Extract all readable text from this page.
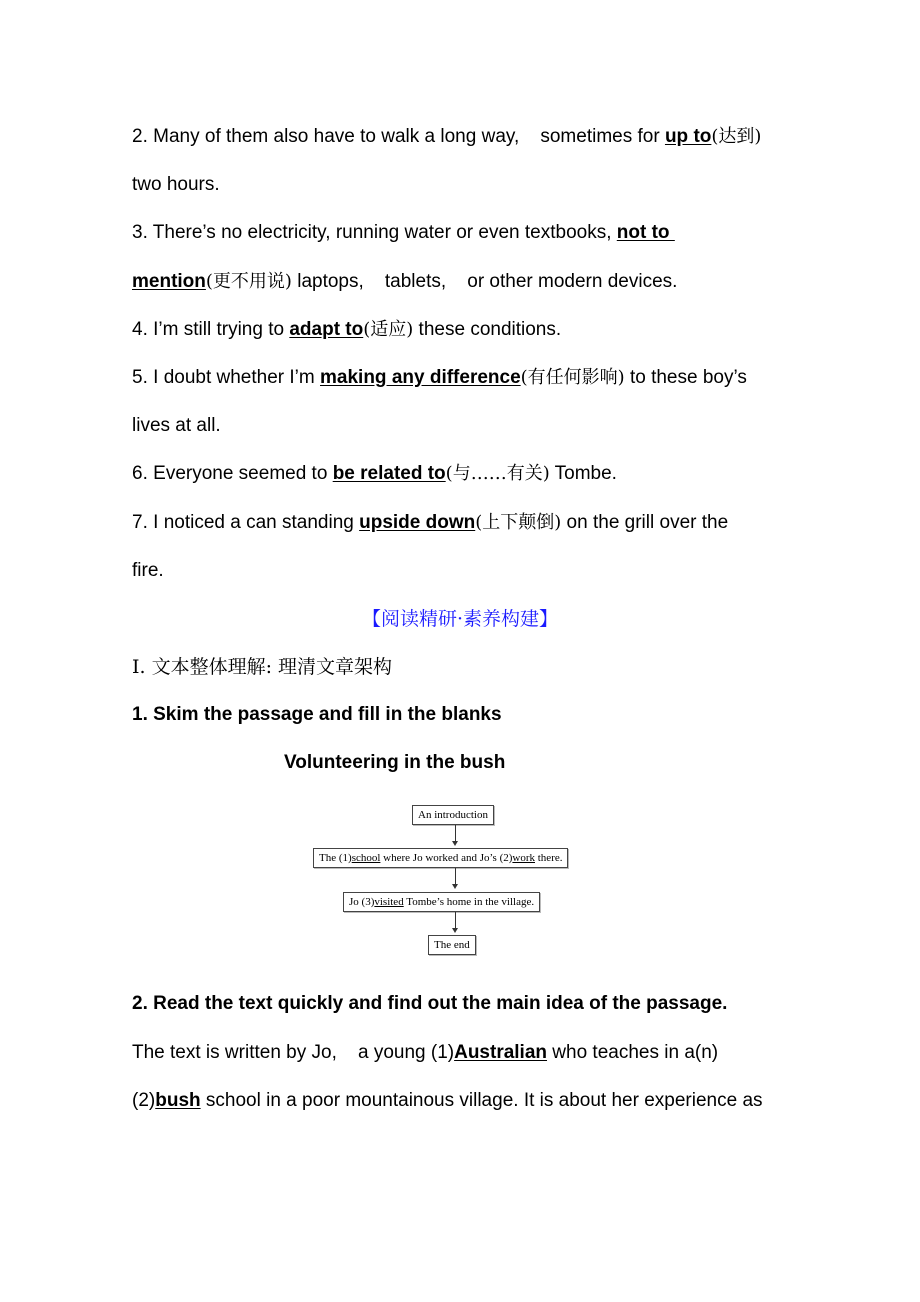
2. Many of them also have to walk a long way,    sometimes for up to(达到)
two hours.
3. There’s no electricity, running water or even textbooks, not to
mention(更不用说) laptops,    tablets,    or other modern devices.
4. I’m still trying to adapt to(适应) these conditions.
5. I doubt whether I’m making any difference(有任何影响) to these boy’s
lives at all.
6. Everyone seemed to be related to(与……有关) Tombe.
7. I noticed a can standing upside down(上下颠倒) on the grill over the
fire.
【阅读精研·素养构建】
Ⅰ. 文本整体理解: 理清文章架构
1. Skim the passage and fill in the blanks
Volunteering in the bush
An introduction
The (1)school where Jo worked and Jo’s (2)work there.
Jo (3)visited Tombe’s home in the village.
The end
2. Read the text quickly and find out the main idea of the passage.
The text is written by Jo,    a young (1)Australian who teaches in a(n)
(2)bush school in a poor mountainous village. It is about her experience as
